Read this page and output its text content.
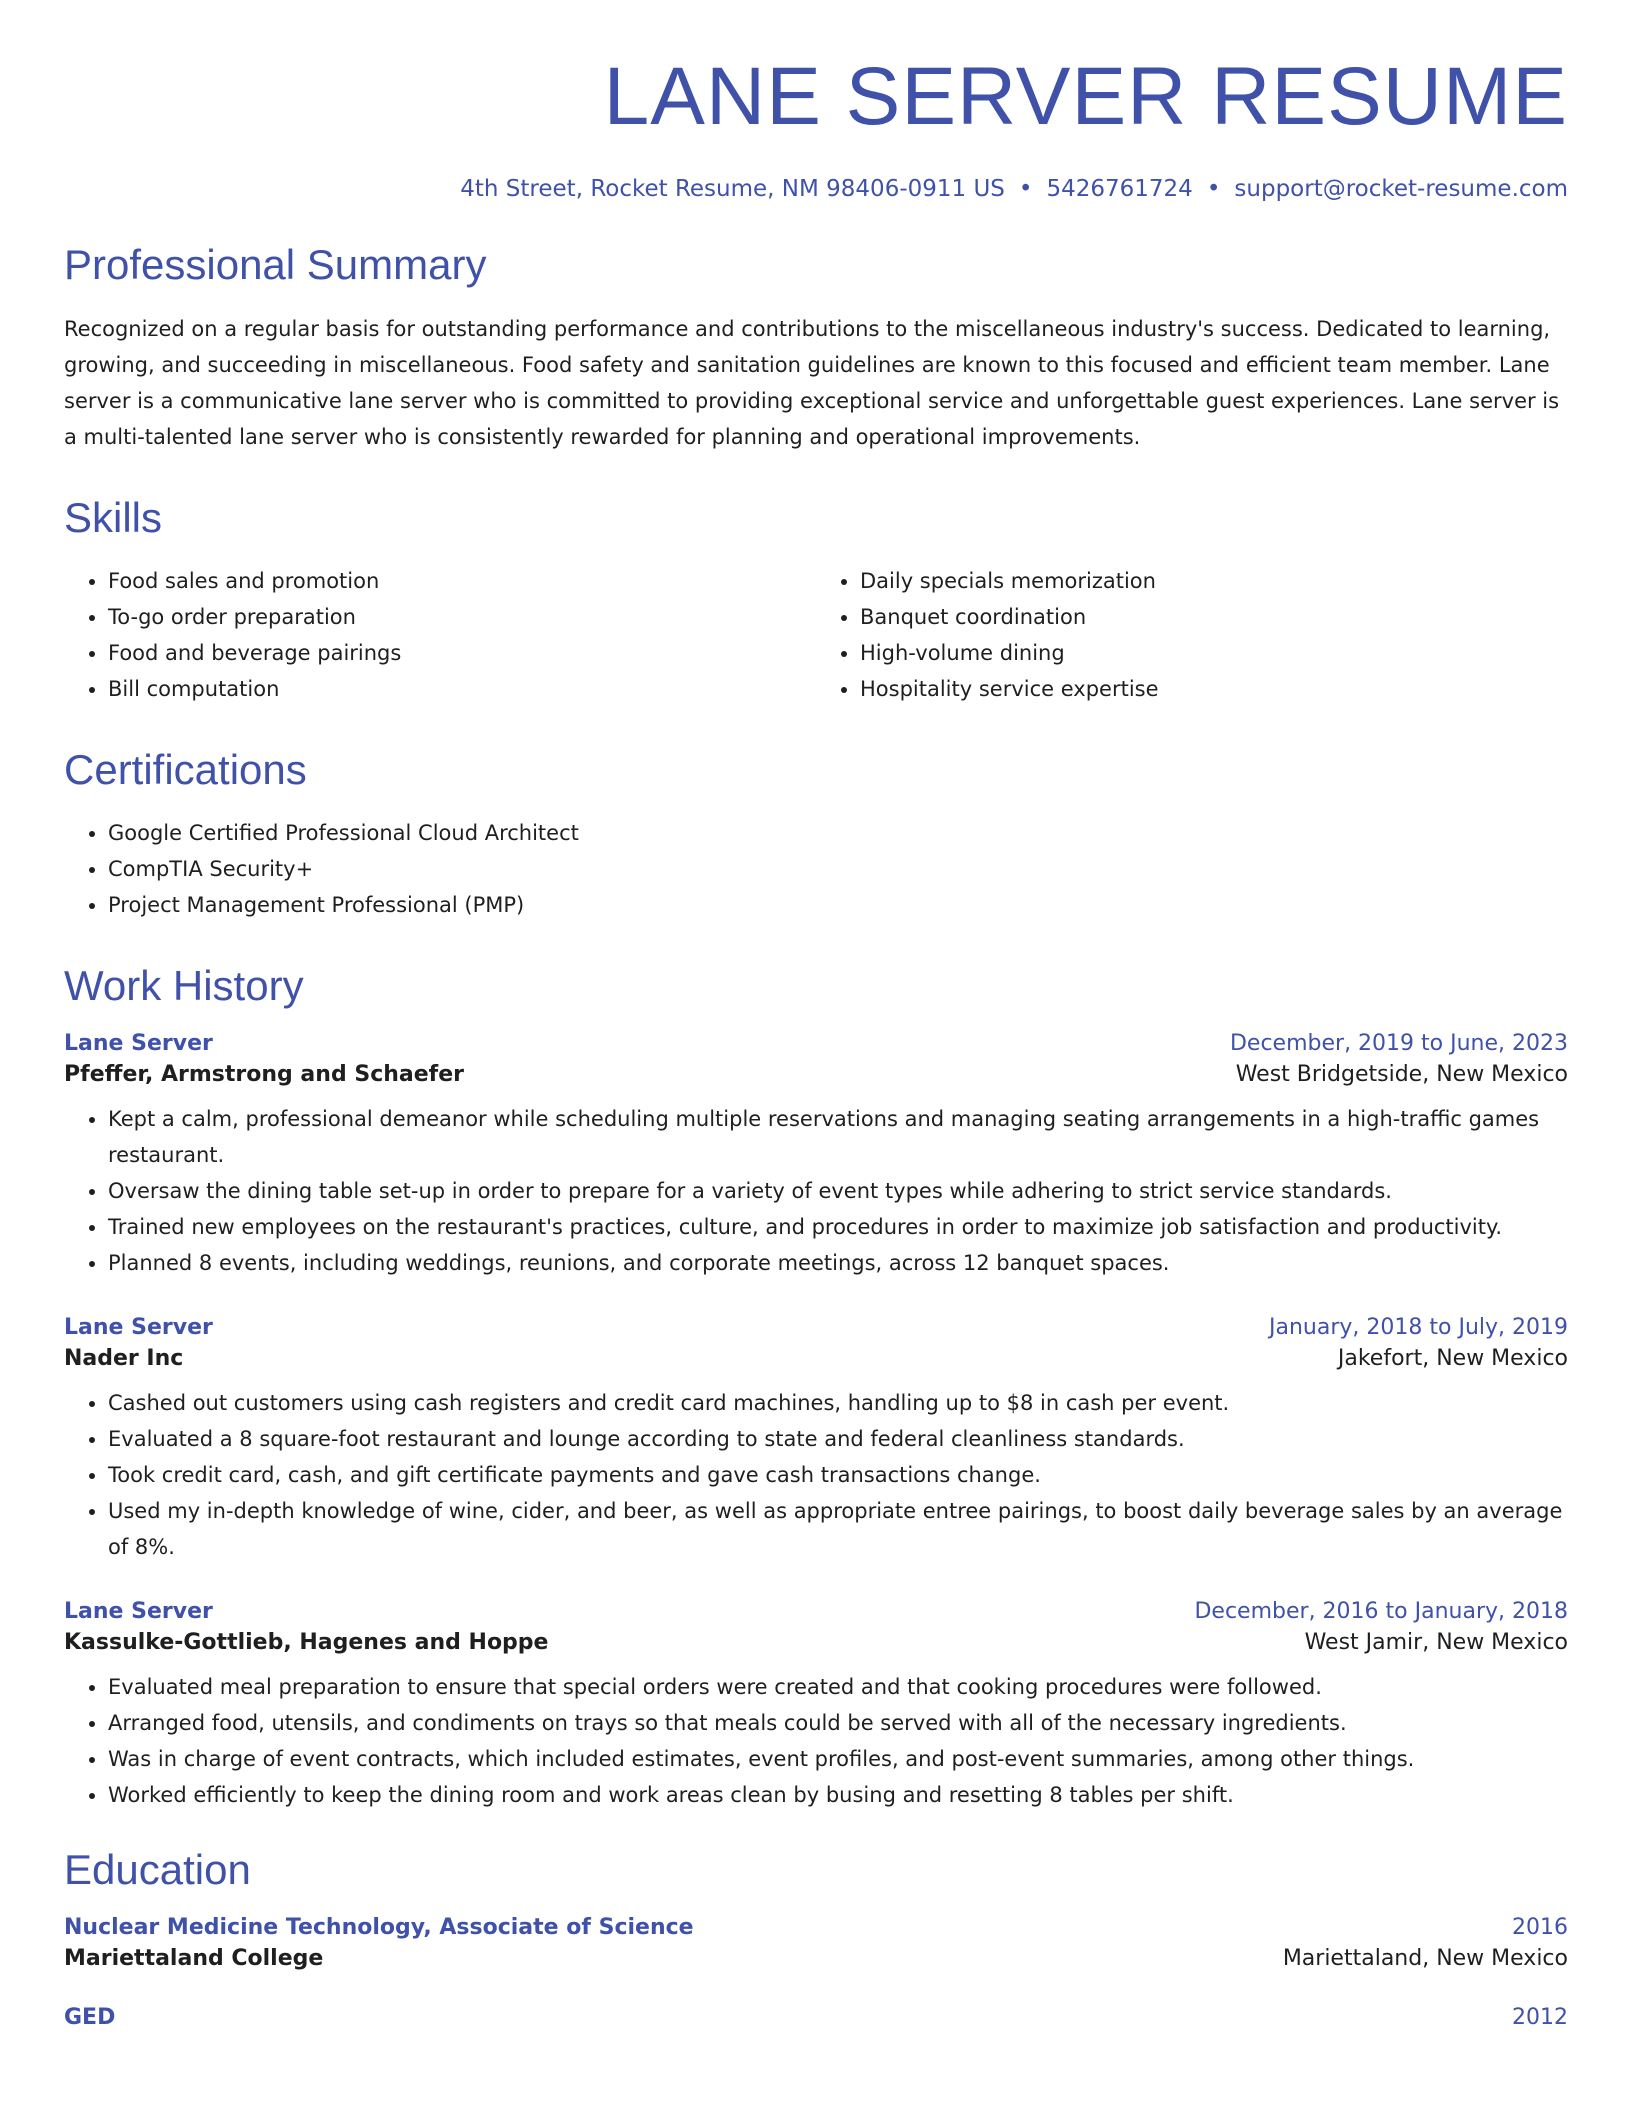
LANE SERVER RESUME
4th Street, Rocket Resume, NM 98406-0911 US • 5426761724 • support@rocket-resume.com
Professional Summary

Recognized on a regular basis for outstanding performance and contributions to the miscellaneous industry's success. Dedicated to learning, growing, and succeeding in miscellaneous. Food safety and sanitation guidelines are known to this focused and efficient team member. Lane server is a communicative lane server who is committed to providing exceptional service and unforgettable guest experiences. Lane server is a multi-talented lane server who is consistently rewarded for planning and operational improvements.

Skills
• Food sales and promotion
• To-go order preparation
• Food and beverage pairings
• Bill computation
• Daily specials memorization
• Banquet coordination
• High-volume dining
• Hospitality service expertise
Certifications
• Google Certified Professional Cloud Architect
• CompTIA Security+
• Project Management Professional (PMP)
Work History
Lane Server	December, 2019 to June, 2023
Pfeffer, Armstrong and Schaefer	West Bridgetside, New Mexico
• Kept a calm, professional demeanor while scheduling multiple reservations and managing seating arrangements in a high-traffic games restaurant.
• Oversaw the dining table set-up in order to prepare for a variety of event types while adhering to strict service standards.
• Trained new employees on the restaurant's practices, culture, and procedures in order to maximize job satisfaction and productivity.
• Planned 8 events, including weddings, reunions, and corporate meetings, across 12 banquet spaces.
Lane Server	January, 2018 to July, 2019
Nader Inc	Jakefort, New Mexico
• Cashed out customers using cash registers and credit card machines, handling up to $8 in cash per event.
• Evaluated a 8 square-foot restaurant and lounge according to state and federal cleanliness standards.
• Took credit card, cash, and gift certificate payments and gave cash transactions change.
• Used my in-depth knowledge of wine, cider, and beer, as well as appropriate entree pairings, to boost daily beverage sales by an average of 8%.
Lane Server	December, 2016 to January, 2018
Kassulke-Gottlieb, Hagenes and Hoppe	West Jamir, New Mexico
• Evaluated meal preparation to ensure that special orders were created and that cooking procedures were followed.
• Arranged food, utensils, and condiments on trays so that meals could be served with all of the necessary ingredients.
• Was in charge of event contracts, which included estimates, event profiles, and post-event summaries, among other things.
• Worked efficiently to keep the dining room and work areas clean by busing and resetting 8 tables per shift.
Education
Nuclear Medicine Technology, Associate of Science	2016
Mariettaland College	Mariettaland, New Mexico
GED	2012
